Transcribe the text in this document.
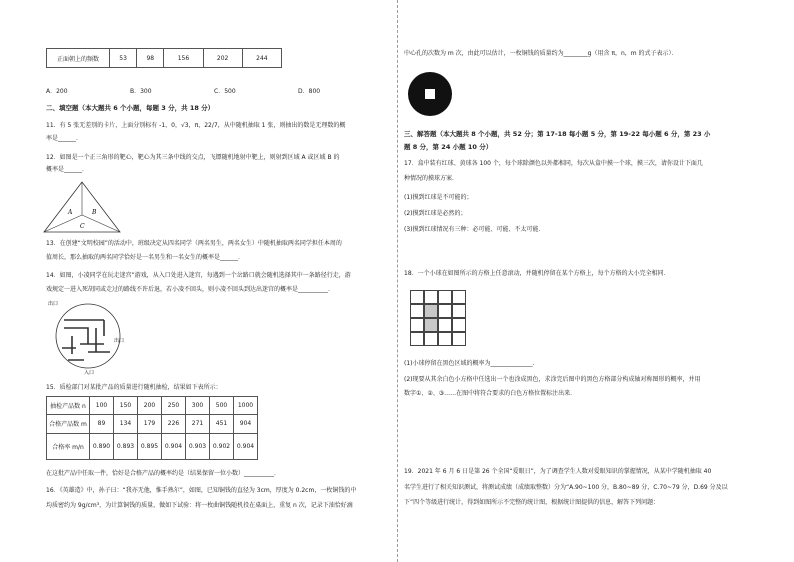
正面朝上的频数	53	98	156	202	244
A．200	B．300	C．500	D．800
二、填空题（本大题共 6 个小题，每题 3 分，共 18 分）
11．有 5 张无差别的卡片，上面分别标有 -1，0，√3，π，22/7，从中随机抽取 1 张，则抽出的数是无理数的概
率是______．
12．如图是一个正三角形的靶心，靶心为其三条中线的交点，飞镖随机地射中靶上，则射到区域 A 或区域 B 的
概率是______．
A	B
C
13．在创建“文明校园”的活动中，班级决定从四名同学（两名男生，两名女生）中随机抽取两名同学担任本周的
值周长，那么抽取的两名同学恰好是一名男生和一名女生的概率是______．
14．如图，小凌同学在玩走迷宫”游戏，从入口处进入迷宫，每遇到一个岔路口就会随机选择其中一条路径行走，游
戏规定一进入死胡同或走过的路线不许后退，若小凌不回头，则小凌不回头到达出迷宫的概率是__________．
出口
出口
入口
15．质检部门对某批产品的质量进行随机抽检，结果如下表所示：
抽检产品数 n	100	150	200	250	300	500	1000
合格产品数 m	89	134	179	226	271	451	904
合格率 m/n	0.890	0.893	0.895	0.904	0.903	0.902	0.904
在这批产品中任取一件，恰好是合格产品的概率约是（结果保留一位小数）__________．
16．《英雄造》中，孙子曰：“我亦无他，惟手熟尔”，如图，已知铜钱的直径为 3cm，厚度为 0.2cm，一枚铜钱的中
均质密约为 9g/cm³，为计算铜钱的质量，做如下试验：将一枚曲铜钱随机投在桌面上，重复 n 次，记录下油恰好滴
中心孔的次数为 m 次，由此可以估计，一枚铜钱的质量约为________g（用含 π，n，m 的式子表示）．
三、解答题（本大题共 8 个小题，共 52 分；第 17-18 每小题 5 分，第 19-22 每小题 6 分，第 23 小
题 8 分，第 24 小题 10 分）
17．盒中装有红球、黄球各 100 个，每个球除颜色以外都相同，每次从盒中摸一个球，摸三次，请你设计下面几
种情况的摸球方案．
(1)摸到红球是不可能的；
(2)摸到红球是必然的；
(3)摸到红球情况有三种：必可能、可能、不太可能．
18．一个小球在如图所示的方格上任意滚动，并随机停留在某个方格上，每个方格的大小完全相同．
(1)小球停留在黑色区域的概率为______________．
(2)现要从其余白色小方格中任选出一个也涂成黑色，求涂完后图中的黑色方格部分构成轴对称图形的概率，并用
数字①、②、③……在图中将符合要求的白色方格位置标注出来．
19．2021 年 6 月 6 日是第 26 个全国“爱眼日”，为了调查学生人数对爱眼知识的掌握情况，从某中学随机抽取 40
名学生进行了相关知识测试，将测试成绩（成绩取整数）分为“A.90~100 分，B.80~89 分，C.70~79 分，D.69 分及以
下”四个等级进行统计，得到如图所示不完整的统计图，根据统计图提供的信息，解答下列问题：
